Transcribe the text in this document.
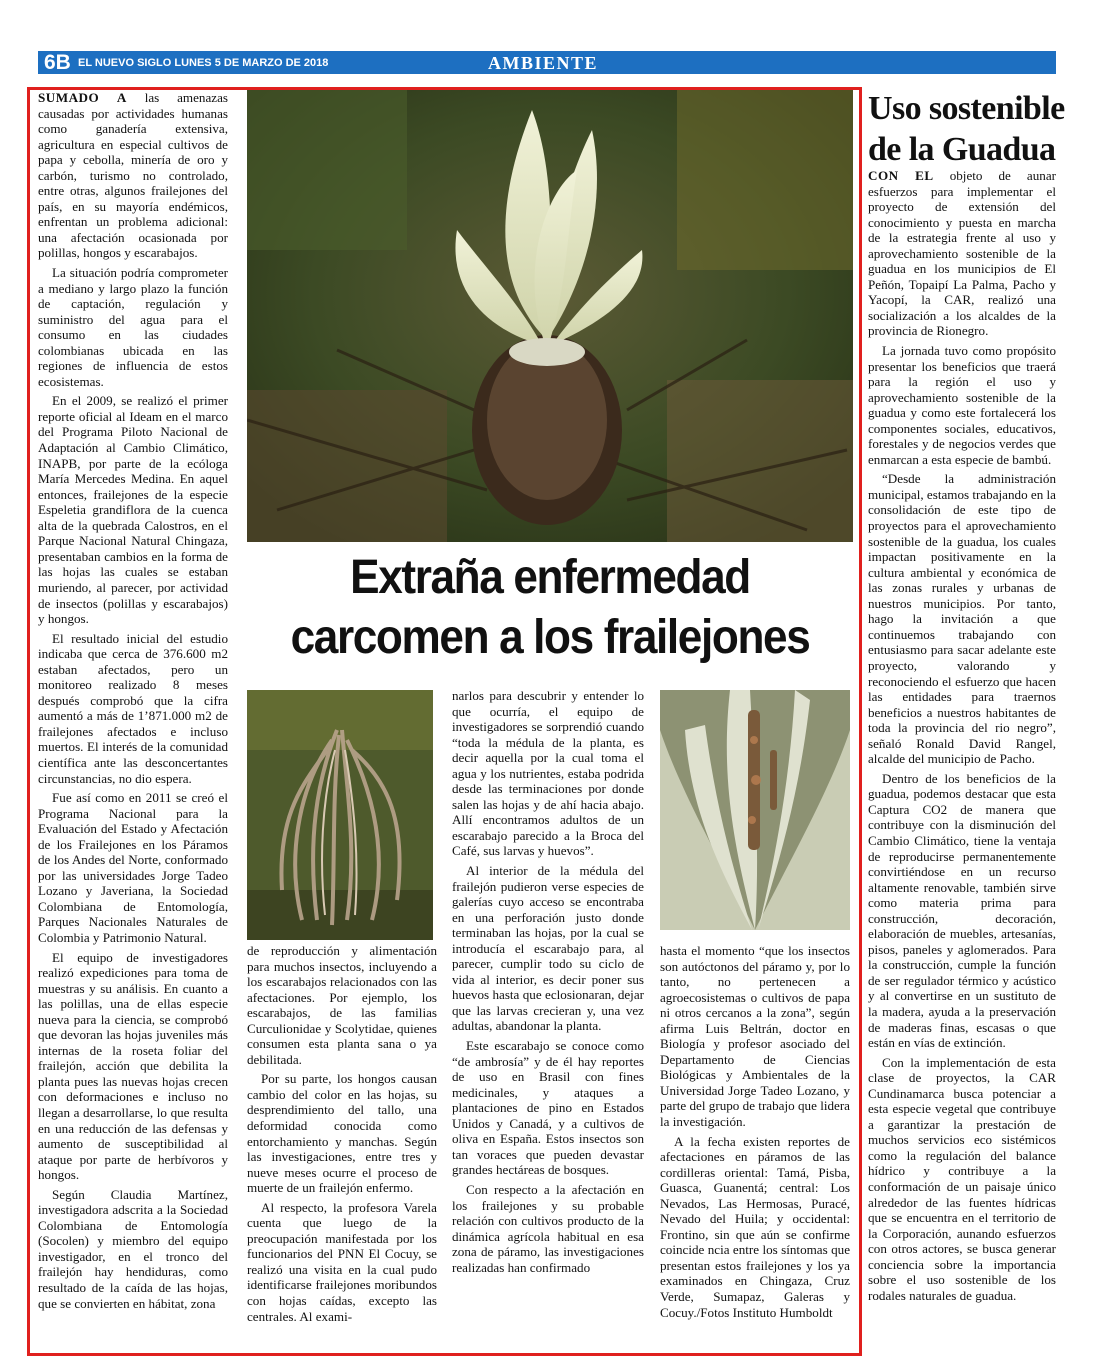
6B EL NUEVO SIGLO LUNES 5 DE MARZO DE 2018	AMBIENTE
Extraña enfermedad
carcomen a los frailejones

SUMADO A las amenazas causadas por actividades humanas como ganadería extensiva, agricultura en especial cultivos de papa y cebolla, minería de oro y carbón, turismo no controlado, entre otras, algunos frailejones del país, en su mayoría endémicos, enfrentan un problema adicional: una afectación ocasionada por polillas, hongos y escarabajos.

La situación podría comprometer a mediano y largo plazo la función de captación, regulación y suministro del agua para el consumo en las ciudades colombianas ubicada en las regiones de influencia de estos ecosistemas.

En el 2009, se realizó el primer reporte oficial al Ideam en el marco del Programa Piloto Nacional de Adaptación al Cambio Climático, INAPB, por parte de la ecóloga María Mercedes Medina. En aquel entonces, frailejones de la especie Espeletia grandiflora de la cuenca alta de la quebrada Calostros, en el Parque Nacional Natural Chingaza, presentaban cambios en la forma de las hojas las cuales se estaban muriendo, al parecer, por actividad de insectos (polillas y escarabajos) y hongos.

El resultado inicial del estudio indicaba que cerca de 376.600 m2 estaban afectados, pero un monitoreo realizado 8 meses después comprobó que la cifra aumentó a más de 1’871.000 m2 de frailejones afectados e incluso muertos. El interés de la comunidad científica ante las desconcertantes circunstancias, no dio espera.

Fue así como en 2011 se creó el Programa Nacional para la Evaluación del Estado y Afectación de los Frailejones en los Páramos de los Andes del Norte, conformado por las universidades Jorge Tadeo Lozano y Javeriana, la Sociedad Colombiana de Entomología, Parques Nacionales Naturales de Colombia y Patrimonio Natural.

El equipo de investigadores realizó expediciones para toma de muestras y su análisis. En cuanto a las polillas, una de ellas especie nueva para la ciencia, se comprobó que devoran las hojas juveniles más internas de la roseta foliar del frailejón, acción que debilita la planta pues las nuevas hojas crecen con deformaciones e incluso no llegan a desarrollarse, lo que resulta en una reducción de las defensas y aumento de susceptibilidad al ataque por parte de herbívoros y hongos.

Según Claudia Martínez, investigadora adscrita a la Sociedad Colombiana de Entomología (Socolen) y miembro del equipo investigador, en el tronco del frailejón hay hendiduras, como resultado de la caída de las hojas, que se convierten en hábitat, zona

de reproducción y alimentación para muchos insectos, incluyendo a los escarabajos relacionados con las afectaciones. Por ejemplo, los escarabajos, de las familias Curculionidae y Scolytidae, quienes consumen esta planta sana o ya debilitada.

Por su parte, los hongos causan cambio del color en las hojas, su desprendimiento del tallo, una deformidad conocida como entorchamiento y manchas. Según las investigaciones, entre tres y nueve meses ocurre el proceso de muerte de un frailejón enfermo.

Al respecto, la profesora Varela cuenta que luego de la preocupación manifestada por los funcionarios del PNN El Cocuy, se realizó una visita en la cual pudo identificarse frailejones moribundos con hojas caídas, excepto las centrales. Al exami-

narlos para descubrir y entender lo que ocurría, el equipo de investigadores se sorprendió cuando “toda la médula de la planta, es decir aquella por la cual toma el agua y los nutrientes, estaba podrida desde las terminaciones por donde salen las hojas y de ahí hacia abajo. Allí encontramos adultos de un escarabajo parecido a la Broca del Café, sus larvas y huevos”.

Al interior de la médula del frailejón pudieron verse especies de galerías cuyo acceso se encontraba en una perforación justo donde terminaban las hojas, por la cual se introducía el escarabajo para, al parecer, cumplir todo su ciclo de vida al interior, es decir poner sus huevos hasta que eclosionaran, dejar que las larvas crecieran y, una vez adultas, abandonar la planta.

Este escarabajo se conoce como “de ambrosía” y de él hay reportes de uso en Brasil con fines medicinales, y ataques a plantaciones de pino en Estados Unidos y Canadá, y a cultivos de oliva en España. Estos insectos son tan voraces que pueden devastar grandes hectáreas de bosques.

Con respecto a la afectación en los frailejones y su probable relación con cultivos producto de la dinámica agrícola habitual en esa zona de páramo, las investigaciones realizadas han confirmado

hasta el momento “que los insectos son autóctonos del páramo y, por lo tanto, no pertenecen a agroecosistemas o cultivos de papa ni otros cercanos a la zona”, según afirma Luis Beltrán, doctor en Biología y profesor asociado del Departamento de Ciencias Biológicas y Ambientales de la Universidad Jorge Tadeo Lozano, y parte del grupo de trabajo que lidera la investigación.

A la fecha existen reportes de afectaciones en páramos de las cordilleras oriental: Tamá, Pisba, Guasca, Guanentá; central: Los Nevados, Las Hermosas, Puracé, Nevado del Huila; y occidental: Frontino, sin que aún se confirme coincide ncia entre los síntomas que presentan estos frailejones y los ya examinados en Chingaza, Cruz Verde, Sumapaz, Galeras y Cocuy./Fotos Instituto Humboldt

Uso sostenible
de la Guadua

CON EL objeto de aunar esfuerzos para implementar el proyecto de extensión del conocimiento y puesta en marcha de la estrategia frente al uso y aprovechamiento sostenible de la guadua en los municipios de El Peñón, Topaipí La Palma, Pacho y Yacopí, la CAR, realizó una socialización a los alcaldes de la provincia de Rionegro.

La jornada tuvo como propósito presentar los beneficios que traerá para la región el uso y aprovechamiento sostenible de la guadua y como este fortalecerá los componentes sociales, educativos, forestales y de negocios verdes que enmarcan a esta especie de bambú.

“Desde la administración municipal, estamos trabajando en la consolidación de este tipo de proyectos para el aprovechamiento sostenible de la guadua, los cuales impactan positivamente en la cultura ambiental y económica de las zonas rurales y urbanas de nuestros municipios. Por tanto, hago la invitación a que continuemos trabajando con entusiasmo para sacar adelante este proyecto, valorando y reconociendo el esfuerzo que hacen las entidades para traernos beneficios a nuestros habitantes de toda la provincia del rio negro”, señaló Ronald David Rangel, alcalde del municipio de Pacho.

Dentro de los beneficios de la guadua, podemos destacar que esta Captura CO2 de manera que contribuye con la disminución del Cambio Climático, tiene la ventaja de reproducirse permanentemente convirtiéndose en un recurso altamente renovable, también sirve como materia prima para construcción, decoración, elaboración de muebles, artesanías, pisos, paneles y aglomerados. Para la construcción, cumple la función de ser regulador térmico y acústico y al convertirse en un sustituto de la madera, ayuda a la preservación de maderas finas, escasas o que están en vías de extinción.

Con la implementación de esta clase de proyectos, la CAR Cundinamarca busca potenciar a esta especie vegetal que contribuye a garantizar la prestación de muchos servicios eco sistémicos como la regulación del balance hídrico y contribuye a la conformación de un paisaje único alrededor de las fuentes hídricas que se encuentra en el territorio de la Corporación, aunando esfuerzos con otros actores, se busca generar conciencia sobre la importancia sobre el uso sostenible de los rodales naturales de guadua.
